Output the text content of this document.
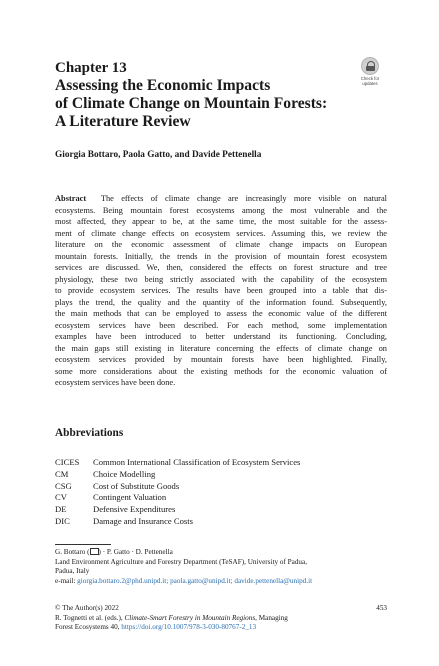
Chapter 13
Assessing the Economic Impacts
of Climate Change on Mountain Forests:
A Literature Review
Check for
updates
Giorgia Bottaro, Paola Gatto, and Davide Pettenella
Abstract The effects of climate change are increasingly more visible on natural
ecosystems. Being mountain forest ecosystems among the most vulnerable and the
most affected, they appear to be, at the same time, the most suitable for the assess-
ment of climate change effects on ecosystem services. Assuming this, we review the
literature on the economic assessment of climate change impacts on European
mountain forests. Initially, the trends in the provision of mountain forest ecosystem
services are discussed. We, then, considered the effects on forest structure and tree
physiology, these two being strictly associated with the capability of the ecosystem
to provide ecosystem services. The results have been grouped into a table that dis-
plays the trend, the quality and the quantity of the information found. Subsequently,
the main methods that can be employed to assess the economic value of the different
ecosystem services have been described. For each method, some implementation
examples have been introduced to better understand its functioning. Concluding,
the main gaps still existing in literature concerning the effects of climate change on
ecosystem services provided by mountain forests have been highlighted. Finally,
some more considerations about the existing methods for the economic valuation of
ecosystem services have been done.
Abbreviations
CICES	Common International Classification of Ecosystem Services
CM	Choice Modelling
CSG	Cost of Substitute Goods
CV	Contingent Valuation
DE	Defensive Expenditures
DIC	Damage and Insurance Costs
G. Bottaro ( ) · P. Gatto · D. Pettenella
Land Environment Agriculture and Forestry Department (TeSAF), University of Padua,
Padua, Italy
e-mail: giorgia.bottaro.2@phd.unipd.it; paola.gatto@unipd.it; davide.pettenella@unipd.it
© The Author(s) 2022	453
R. Tognetti et al. (eds.), Climate-Smart Forestry in Mountain Regions, Managing
Forest Ecosystems 40, https://doi.org/10.1007/978-3-030-80767-2_13
